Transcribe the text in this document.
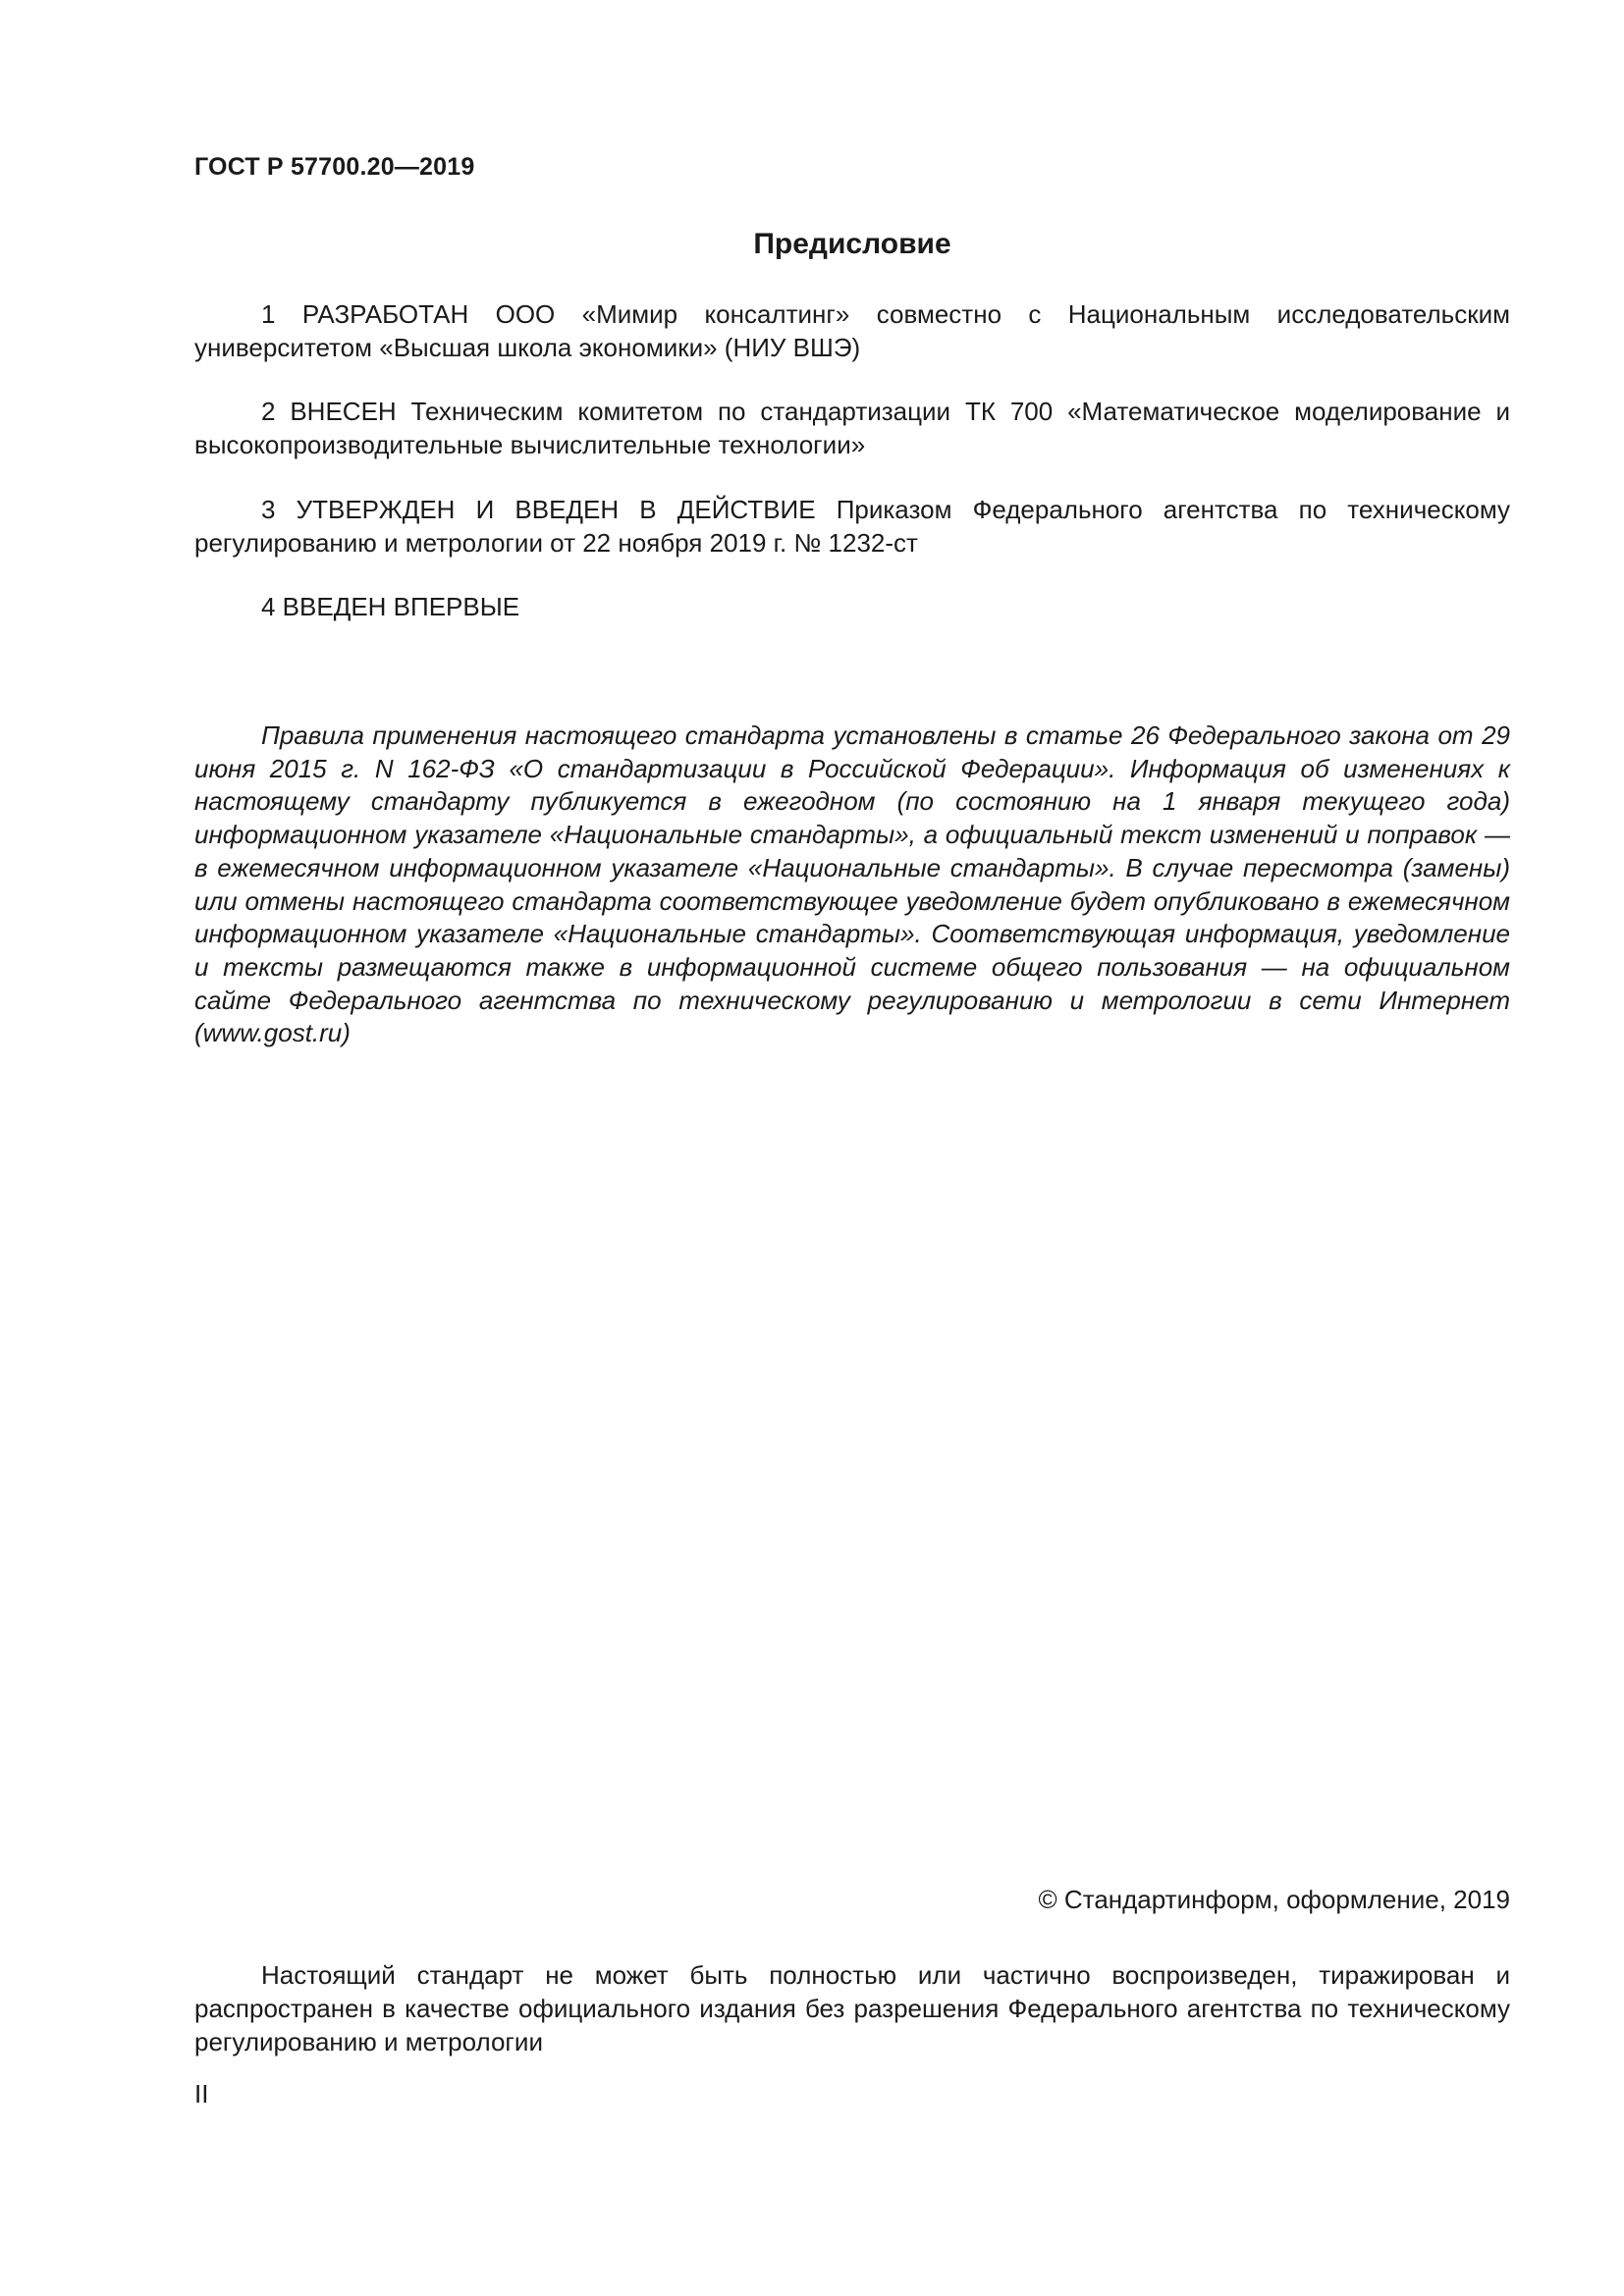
ГОСТ Р 57700.20—2019
Предисловие

1 РАЗРАБОТАН ООО «Мимир консалтинг» совместно с Национальным исследовательским университетом «Высшая школа экономики» (НИУ ВШЭ)

2 ВНЕСЕН Техническим комитетом по стандартизации ТК 700 «Математическое моделирование и высокопроизводительные вычислительные технологии»

3 УТВЕРЖДЕН И ВВЕДЕН В ДЕЙСТВИЕ Приказом Федерального агентства по техническому регулированию и метрологии от 22 ноября 2019 г. № 1232-ст

4 ВВЕДЕН ВПЕРВЫЕ

Правила применения настоящего стандарта установлены в статье 26 Федерального закона от 29 июня 2015 г. N 162-ФЗ «О стандартизации в Российской Федерации». Информация об изменениях к настоящему стандарту публикуется в ежегодном (по состоянию на 1 января текущего года) информационном указателе «Национальные стандарты», а официальный текст изменений и поправок — в ежемесячном информационном указателе «Национальные стандарты». В случае пересмотра (замены) или отмены настоящего стандарта соответствующее уведомление будет опубликовано в ежемесячном информационном указателе «Национальные стандарты». Соответствующая информация, уведомление и тексты размещаются также в информационной системе общего пользования — на официальном сайте Федерального агентства по техническому регулированию и метрологии в сети Интернет (www.gost.ru)

© Стандартинформ, оформление, 2019

Настоящий стандарт не может быть полностью или частично воспроизведен, тиражирован и распространен в качестве официального издания без разрешения Федерального агентства по техническому регулированию и метрологии

II
